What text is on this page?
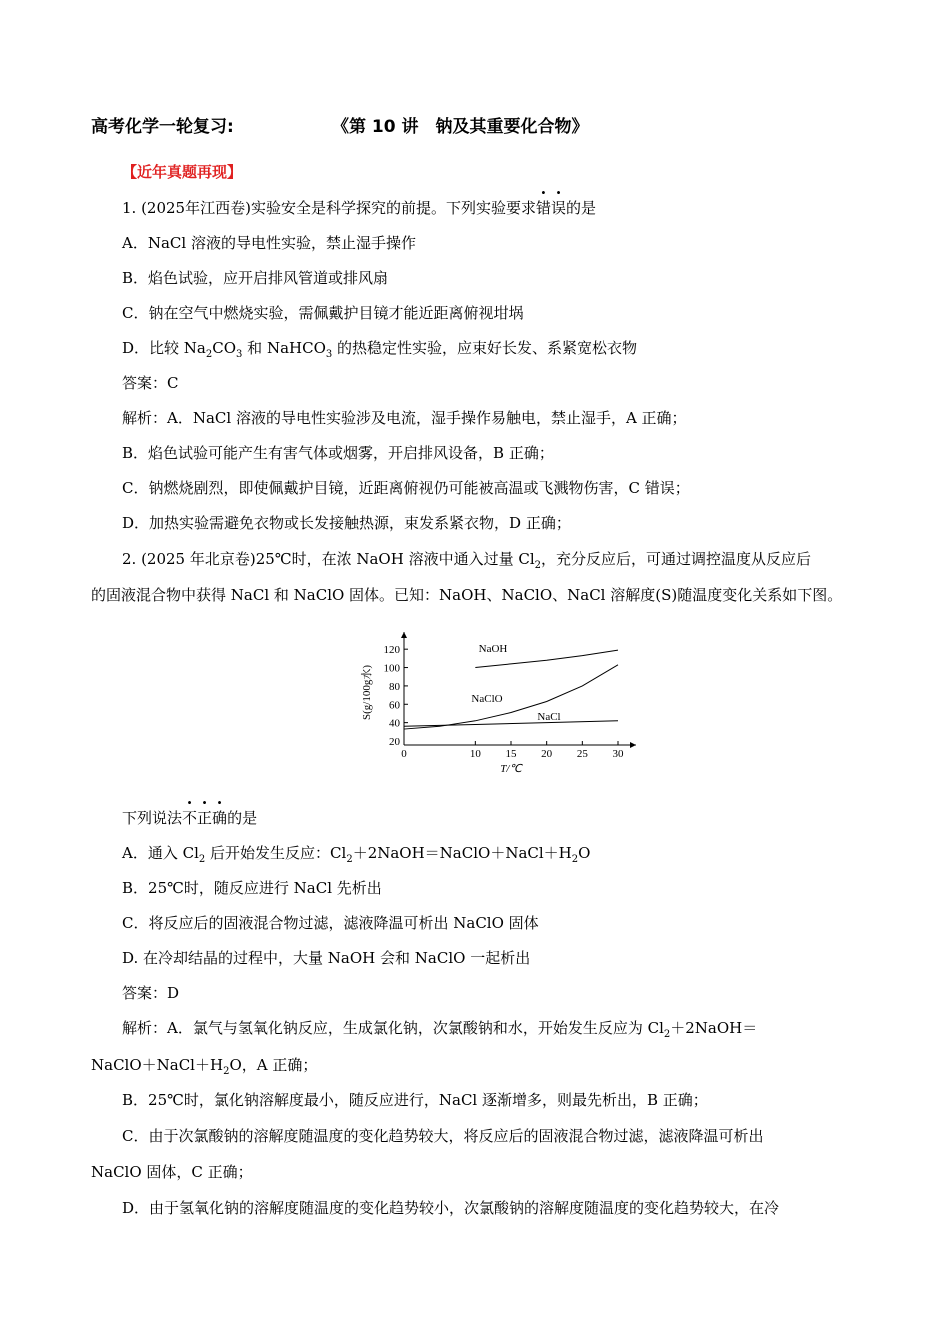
高考化学一轮复习:	《第 10 讲　钠及其重要化合物》
【近年真题再现】
1. (2025年江西卷)实验安全是科学探究的前提。下列实验要求错误的是
A．NaCl 溶液的导电性实验，禁止湿手操作
B．焰色试验，应开启排风管道或排风扇
C．钠在空气中燃烧实验，需佩戴护目镜才能近距离俯视坩埚
D．比较 $Na_2CO_3$ 和 NaHCO$_3$ 的热稳定性实验，应束好长发、系紧宽松衣物
答案：C
解析：A．NaCl 溶液的导电性实验涉及电流，湿手操作易触电，禁止湿手，A 正确；
B．焰色试验可能产生有害气体或烟雾，开启排风设备，B 正确；
C．钠燃烧剧烈，即使佩戴护目镜，近距离俯视仍可能被高温或飞溅物伤害，C 错误；
D．加热实验需避免衣物或长发接触热源，束发系紧衣物，D 正确；
2. (2025 年北京卷)25℃时，在浓 NaOH 溶液中通入过量 $Cl_2$，充分反应后，可通过调控温度从反应后
的固液混合物中获得 NaCl 和 NaClO 固体。已知：NaOH、NaClO、NaCl 溶解度(S)随温度变化关系如下图。
0	10 15 20 25 30
20
40
60
80
100
120
T/℃
S(g/100g水)
NaOH
NaClO
NaCl
下列说法不正确的是
A．通入 $Cl_2$ 后开始发生反应：$Cl_2+2NaOH=NaClO+NaCl+H_2O$
B．25℃时，随反应进行 NaCl 先析出
C．将反应后的固液混合物过滤，滤液降温可析出 NaClO 固体
D. 在冷却结晶的过程中，大量 NaOH 会和 NaClO 一起析出
答案：D
解析：A．氯气与氢氧化钠反应，生成氯化钠，次氯酸钠和水，开始发生反应为 $Cl_2+2NaOH=$
$NaClO+NaCl+H_2O$，A 正确；
B．25℃时，氯化钠溶解度最小，随反应进行，NaCl 逐渐增多，则最先析出，B 正确；
C．由于次氯酸钠的溶解度随温度的变化趋势较大，将反应后的固液混合物过滤，滤液降温可析出
NaClO 固体，C 正确；
D．由于氢氧化钠的溶解度随温度的变化趋势较小，次氯酸钠的溶解度随温度的变化趋势较大，在冷
